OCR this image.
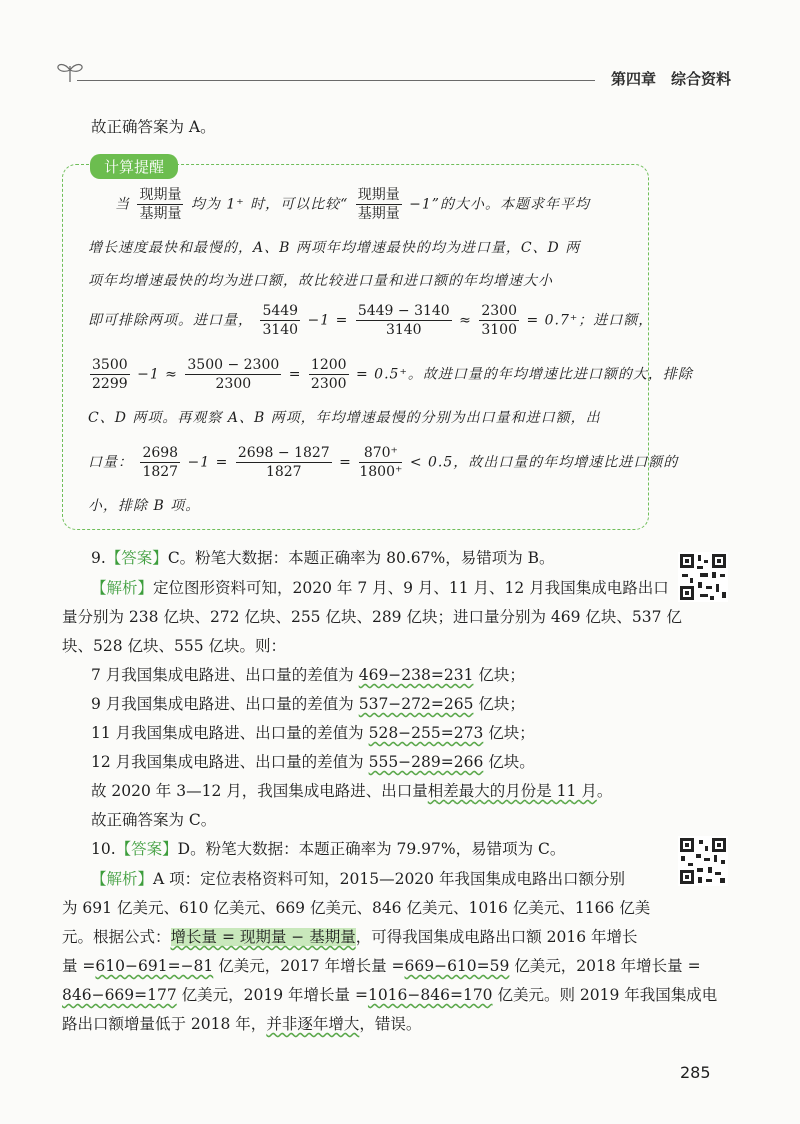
第四章　综合资料

故正确答案为 A。

计算提醒

当 $\frac{\text{现期量}}{\text{基期量}}$ 均为 1⁺ 时，可以比较“ $\frac{\text{现期量}}{\text{基期量}} -1$”的大小。本题求年平均

增长速度最快和最慢的，A、B 两项年均增速最快的均为进口量，C、D 两

项年均增速最快的均为进口额，故比较进口量和进口额的年均增速大小

即可排除两项。进口量， $\frac{5449}{3140} -1 = \frac{5449 - 3140}{3140} \approx \frac{2300}{3100} = 0.7^+$；进口额，

$\frac{3500}{2299} -1 \approx \frac{3500 - 2300}{2300} = \frac{1200}{2300} = 0.5^+$。故进口量的年均增速比进口额的大，排除

C、D 两项。再观察 A、B 两项，年均增速最慢的分别为出口量和进口额，出

口量： $\frac{2698}{1827} -1 = \frac{2698 - 1827}{1827} = \frac{870^+}{1800^+} < 0.5$，故出口量的年均增速比进口额的

小，排除 B 项。

9.【答案】C。粉笔大数据：本题正确率为 80.67%，易错项为 B。

【解析】定位图形资料可知，2020 年 7 月、9 月、11 月、12 月我国集成电路出口

量分别为 238 亿块、272 亿块、255 亿块、289 亿块；进口量分别为 469 亿块、537 亿

块、528 亿块、555 亿块。则：

7 月我国集成电路进、出口量的差值为 469−238=231 亿块；

9 月我国集成电路进、出口量的差值为 537−272=265 亿块；

11 月我国集成电路进、出口量的差值为 528−255=273 亿块；

12 月我国集成电路进、出口量的差值为 555−289=266 亿块。

故 2020 年 3—12 月，我国集成电路进、出口量相差最大的月份是 11 月。

故正确答案为 C。

10.【答案】D。粉笔大数据：本题正确率为 79.97%，易错项为 C。

【解析】A 项：定位表格资料可知，2015—2020 年我国集成电路出口额分别

为 691 亿美元、610 亿美元、669 亿美元、846 亿美元、1016 亿美元、1166 亿美

元。根据公式：增长量 = 现期量 − 基期量，可得我国集成电路出口额 2016 年增长

量 =610−691=−81 亿美元，2017 年增长量 =669−610=59 亿美元，2018 年增长量 =

846−669=177 亿美元，2019 年增长量 =1016−846=170 亿美元。则 2019 年我国集成电

路出口额增量低于 2018 年，并非逐年增大，错误。

285
